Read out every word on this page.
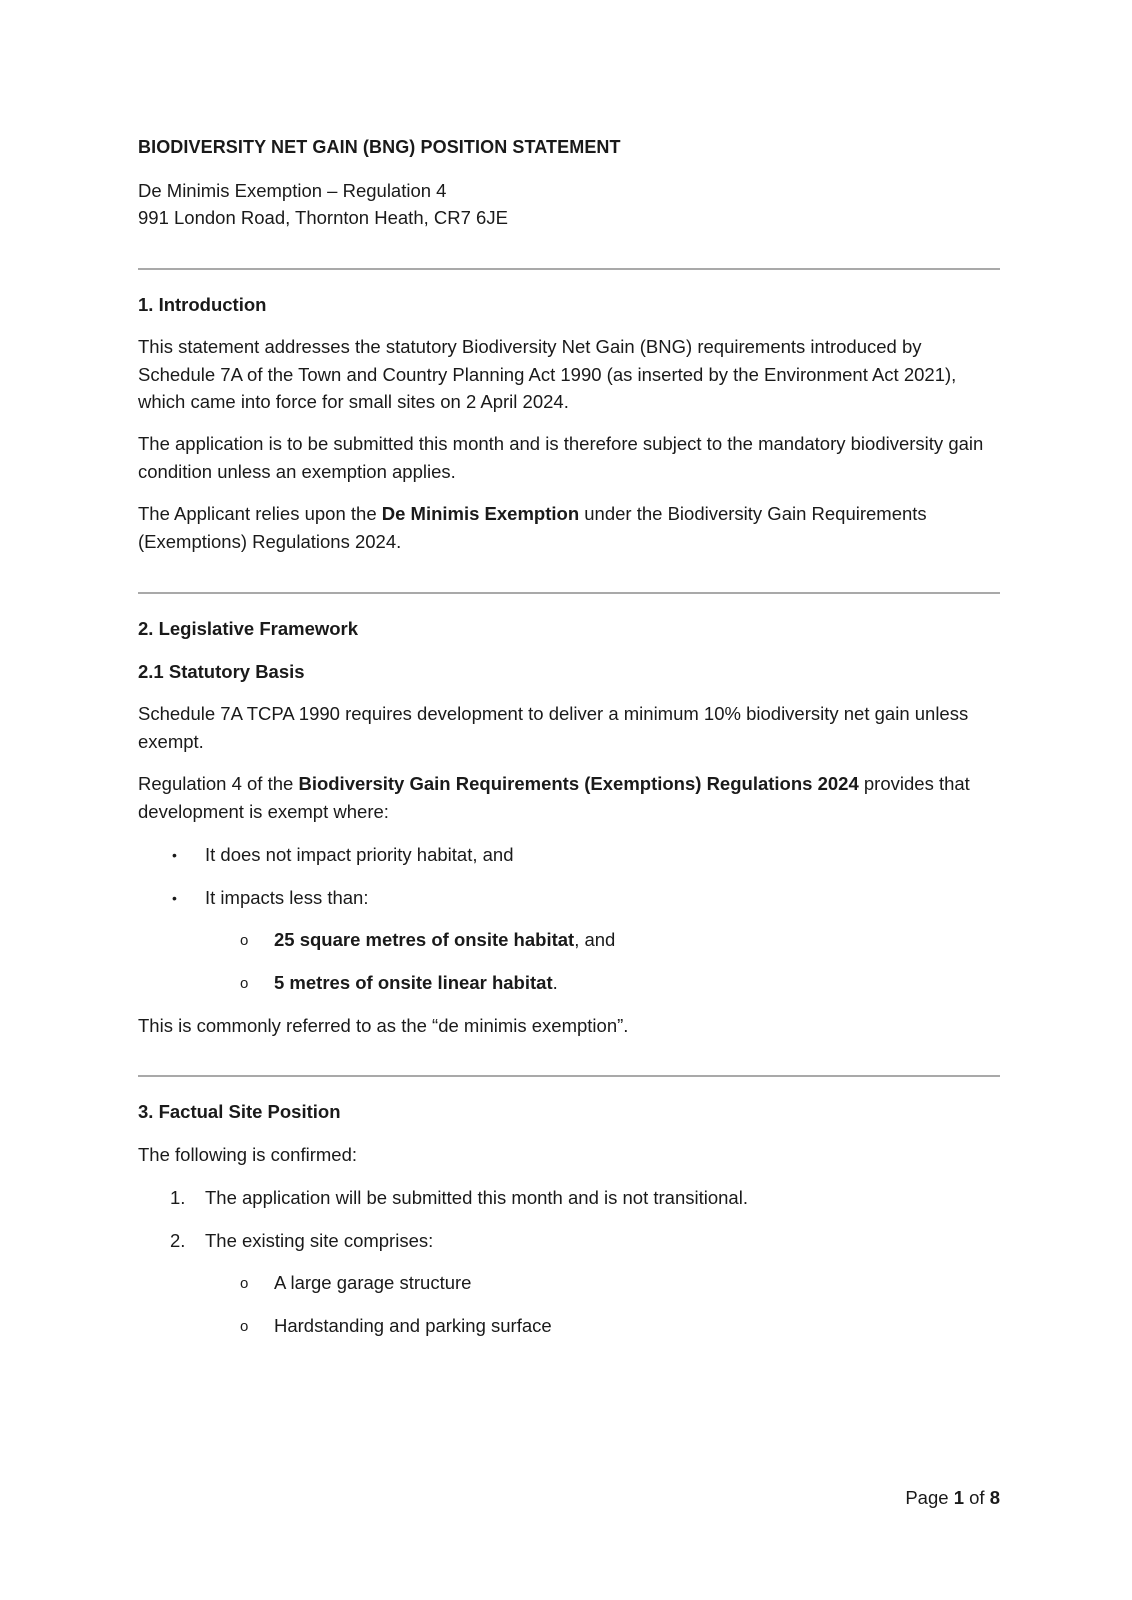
BIODIVERSITY NET GAIN (BNG) POSITION STATEMENT
De Minimis Exemption – Regulation 4
991 London Road, Thornton Heath, CR7 6JE
1. Introduction
This statement addresses the statutory Biodiversity Net Gain (BNG) requirements introduced by Schedule 7A of the Town and Country Planning Act 1990 (as inserted by the Environment Act 2021), which came into force for small sites on 2 April 2024.
The application is to be submitted this month and is therefore subject to the mandatory biodiversity gain condition unless an exemption applies.
The Applicant relies upon the De Minimis Exemption under the Biodiversity Gain Requirements (Exemptions) Regulations 2024.
2. Legislative Framework
2.1 Statutory Basis
Schedule 7A TCPA 1990 requires development to deliver a minimum 10% biodiversity net gain unless exempt.
Regulation 4 of the Biodiversity Gain Requirements (Exemptions) Regulations 2024 provides that development is exempt where:
• It does not impact priority habitat, and
• It impacts less than:
o 25 square metres of onsite habitat, and
o 5 metres of onsite linear habitat.
This is commonly referred to as the “de minimis exemption”.
3. Factual Site Position
The following is confirmed:
1. The application will be submitted this month and is not transitional.
2. The existing site comprises:
o A large garage structure
o Hardstanding and parking surface
Page 1 of 8
